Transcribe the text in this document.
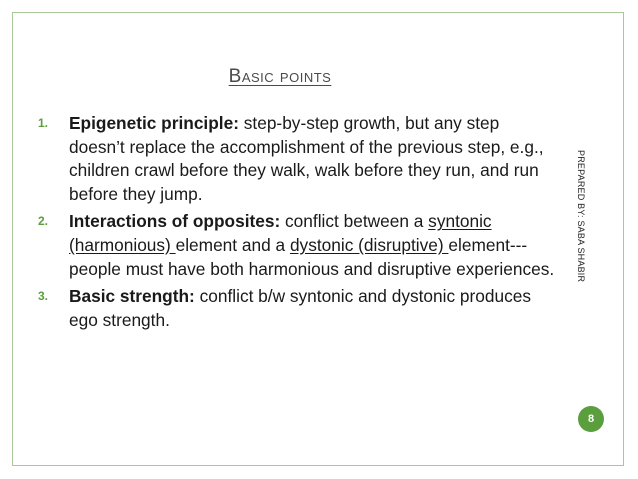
Basic points
1.	Epigenetic principle: step-by-step growth, but any step doesn’t replace the accomplishment of the previous step, e.g., children crawl before they walk, walk before they run, and run before they jump.
2.	Interactions of opposites: conflict between a syntonic (harmonious) element and a dystonic (disruptive) element---people must have both harmonious and disruptive experiences.
3.	Basic strength: conflict b/w syntonic and dystonic produces ego strength.
PREPARED BY: SABA SHABIR
8
